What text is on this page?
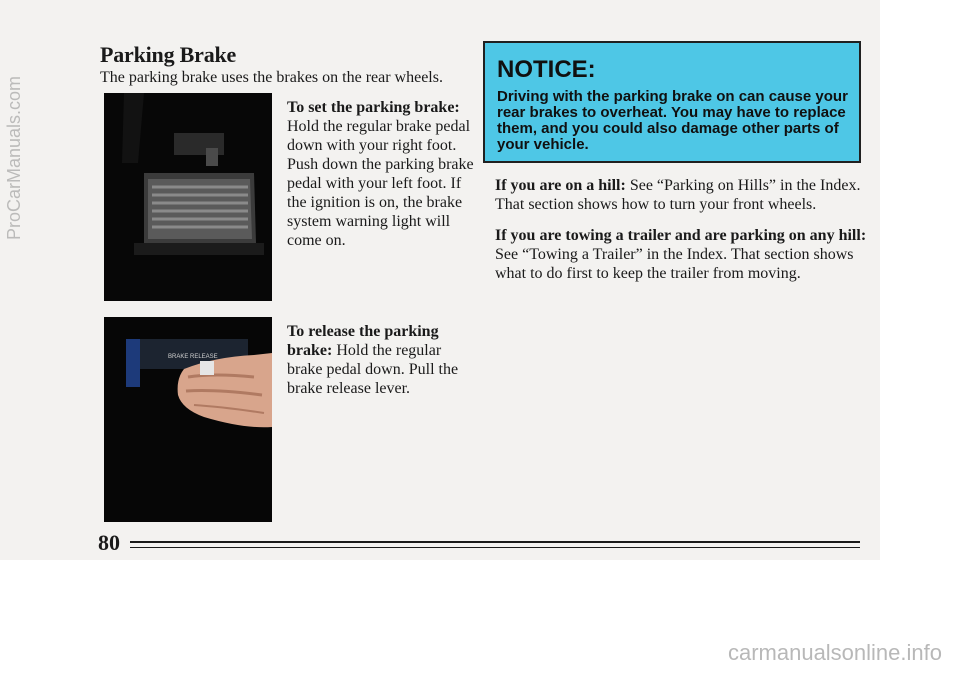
Parking Brake
The parking brake uses the brakes on the rear wheels.
BRAKE RELEASE
To set the parking brake: Hold the regular brake pedal down with your right foot. Push down the parking brake pedal with your left foot. If the ignition is on, the brake system warning light will come on.
To release the parking brake: Hold the regular brake pedal down. Pull the brake release lever.
NOTICE:
Driving with the parking brake on can cause your rear brakes to overheat. You may have to replace them, and you could also damage other parts of your vehicle.
If you are on a hill: See “Parking on Hills” in the Index. That section shows how to turn your front wheels.
If you are towing a trailer and are parking on any hill: See “Towing a Trailer” in the Index. That section shows what to do first to keep the trailer from moving.
80
ProCarManuals.com
carmanualsonline.info
